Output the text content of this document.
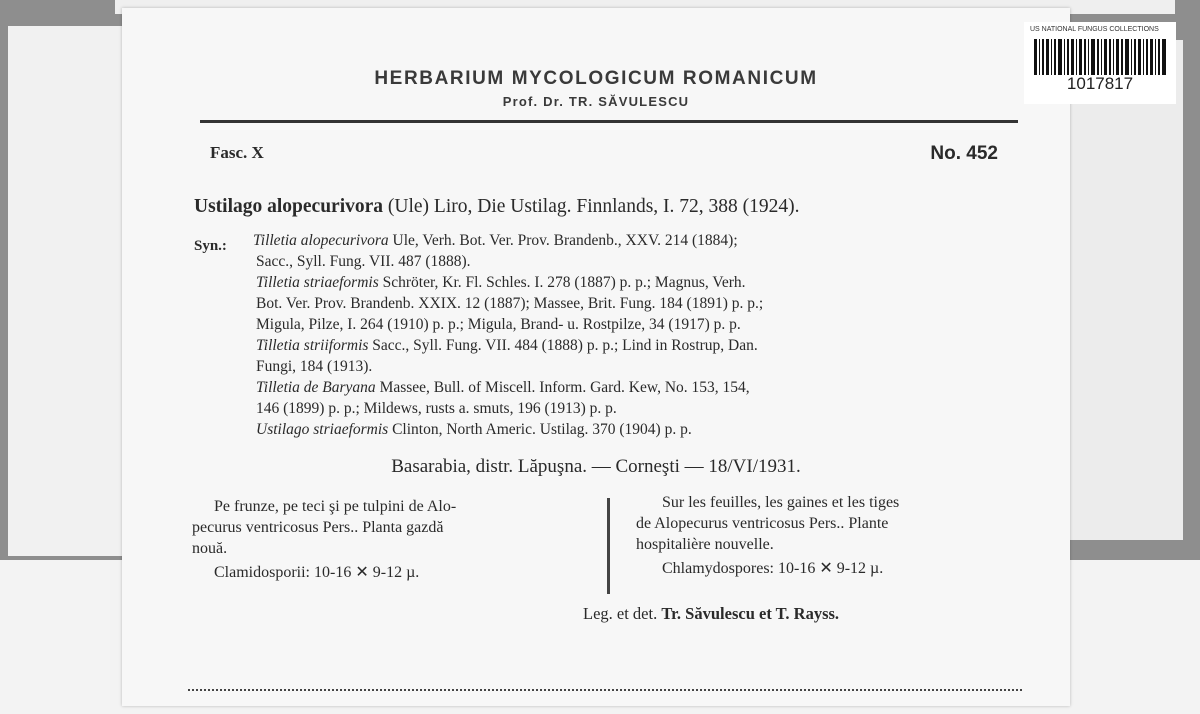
US NATIONAL FUNGUS COLLECTIONS
1017817
HERBARIUM MYCOLOGICUM ROMANICUM
Prof. Dr. TR. SĂVULESCU
Fasc. X	No. 452
Ustilago alopecurivora (Ule) Liro, Die Ustilag. Finnlands, I. 72, 388 (1924).
Syn.: Tilletia alopecurivora Ule, Verh. Bot. Ver. Prov. Brandenb., XXV. 214 (1884);
Sacc., Syll. Fung. VII. 487 (1888).
Tilletia striaeformis Schröter, Kr. Fl. Schles. I. 278 (1887) p. p.; Magnus, Verh.
Bot. Ver. Prov. Brandenb. XXIX. 12 (1887); Massee, Brit. Fung. 184 (1891) p. p.;
Migula, Pilze, I. 264 (1910) p. p.; Migula, Brand- u. Rostpilze, 34 (1917) p. p.
Tilletia striiformis Sacc., Syll. Fung. VII. 484 (1888) p. p.; Lind in Rostrup, Dan.
Fungi, 184 (1913).
Tilletia de Baryana Massee, Bull. of Miscell. Inform. Gard. Kew, No. 153, 154,
146 (1899) p. p.; Mildews, rusts a. smuts, 196 (1913) p. p.
Ustilago striaeformis Clinton, North Americ. Ustilag. 370 (1904) p. p.
Basarabia, distr. Lăpuşna. — Corneşti — 18/VI/1931.
Pe frunze, pe teci şi pe tulpini de Alo-
pecurus ventricosus Pers.. Planta gazdă
nouă.
Clamidosporii: 10-16 ✕ 9-12 µ.
Sur les feuilles, les gaines et les tiges
de Alopecurus ventricosus Pers.. Plante
hospitalière nouvelle.
Chlamydospores: 10-16 ✕ 9-12 µ.
Leg. et det. Tr. Săvulescu et T. Rayss.
